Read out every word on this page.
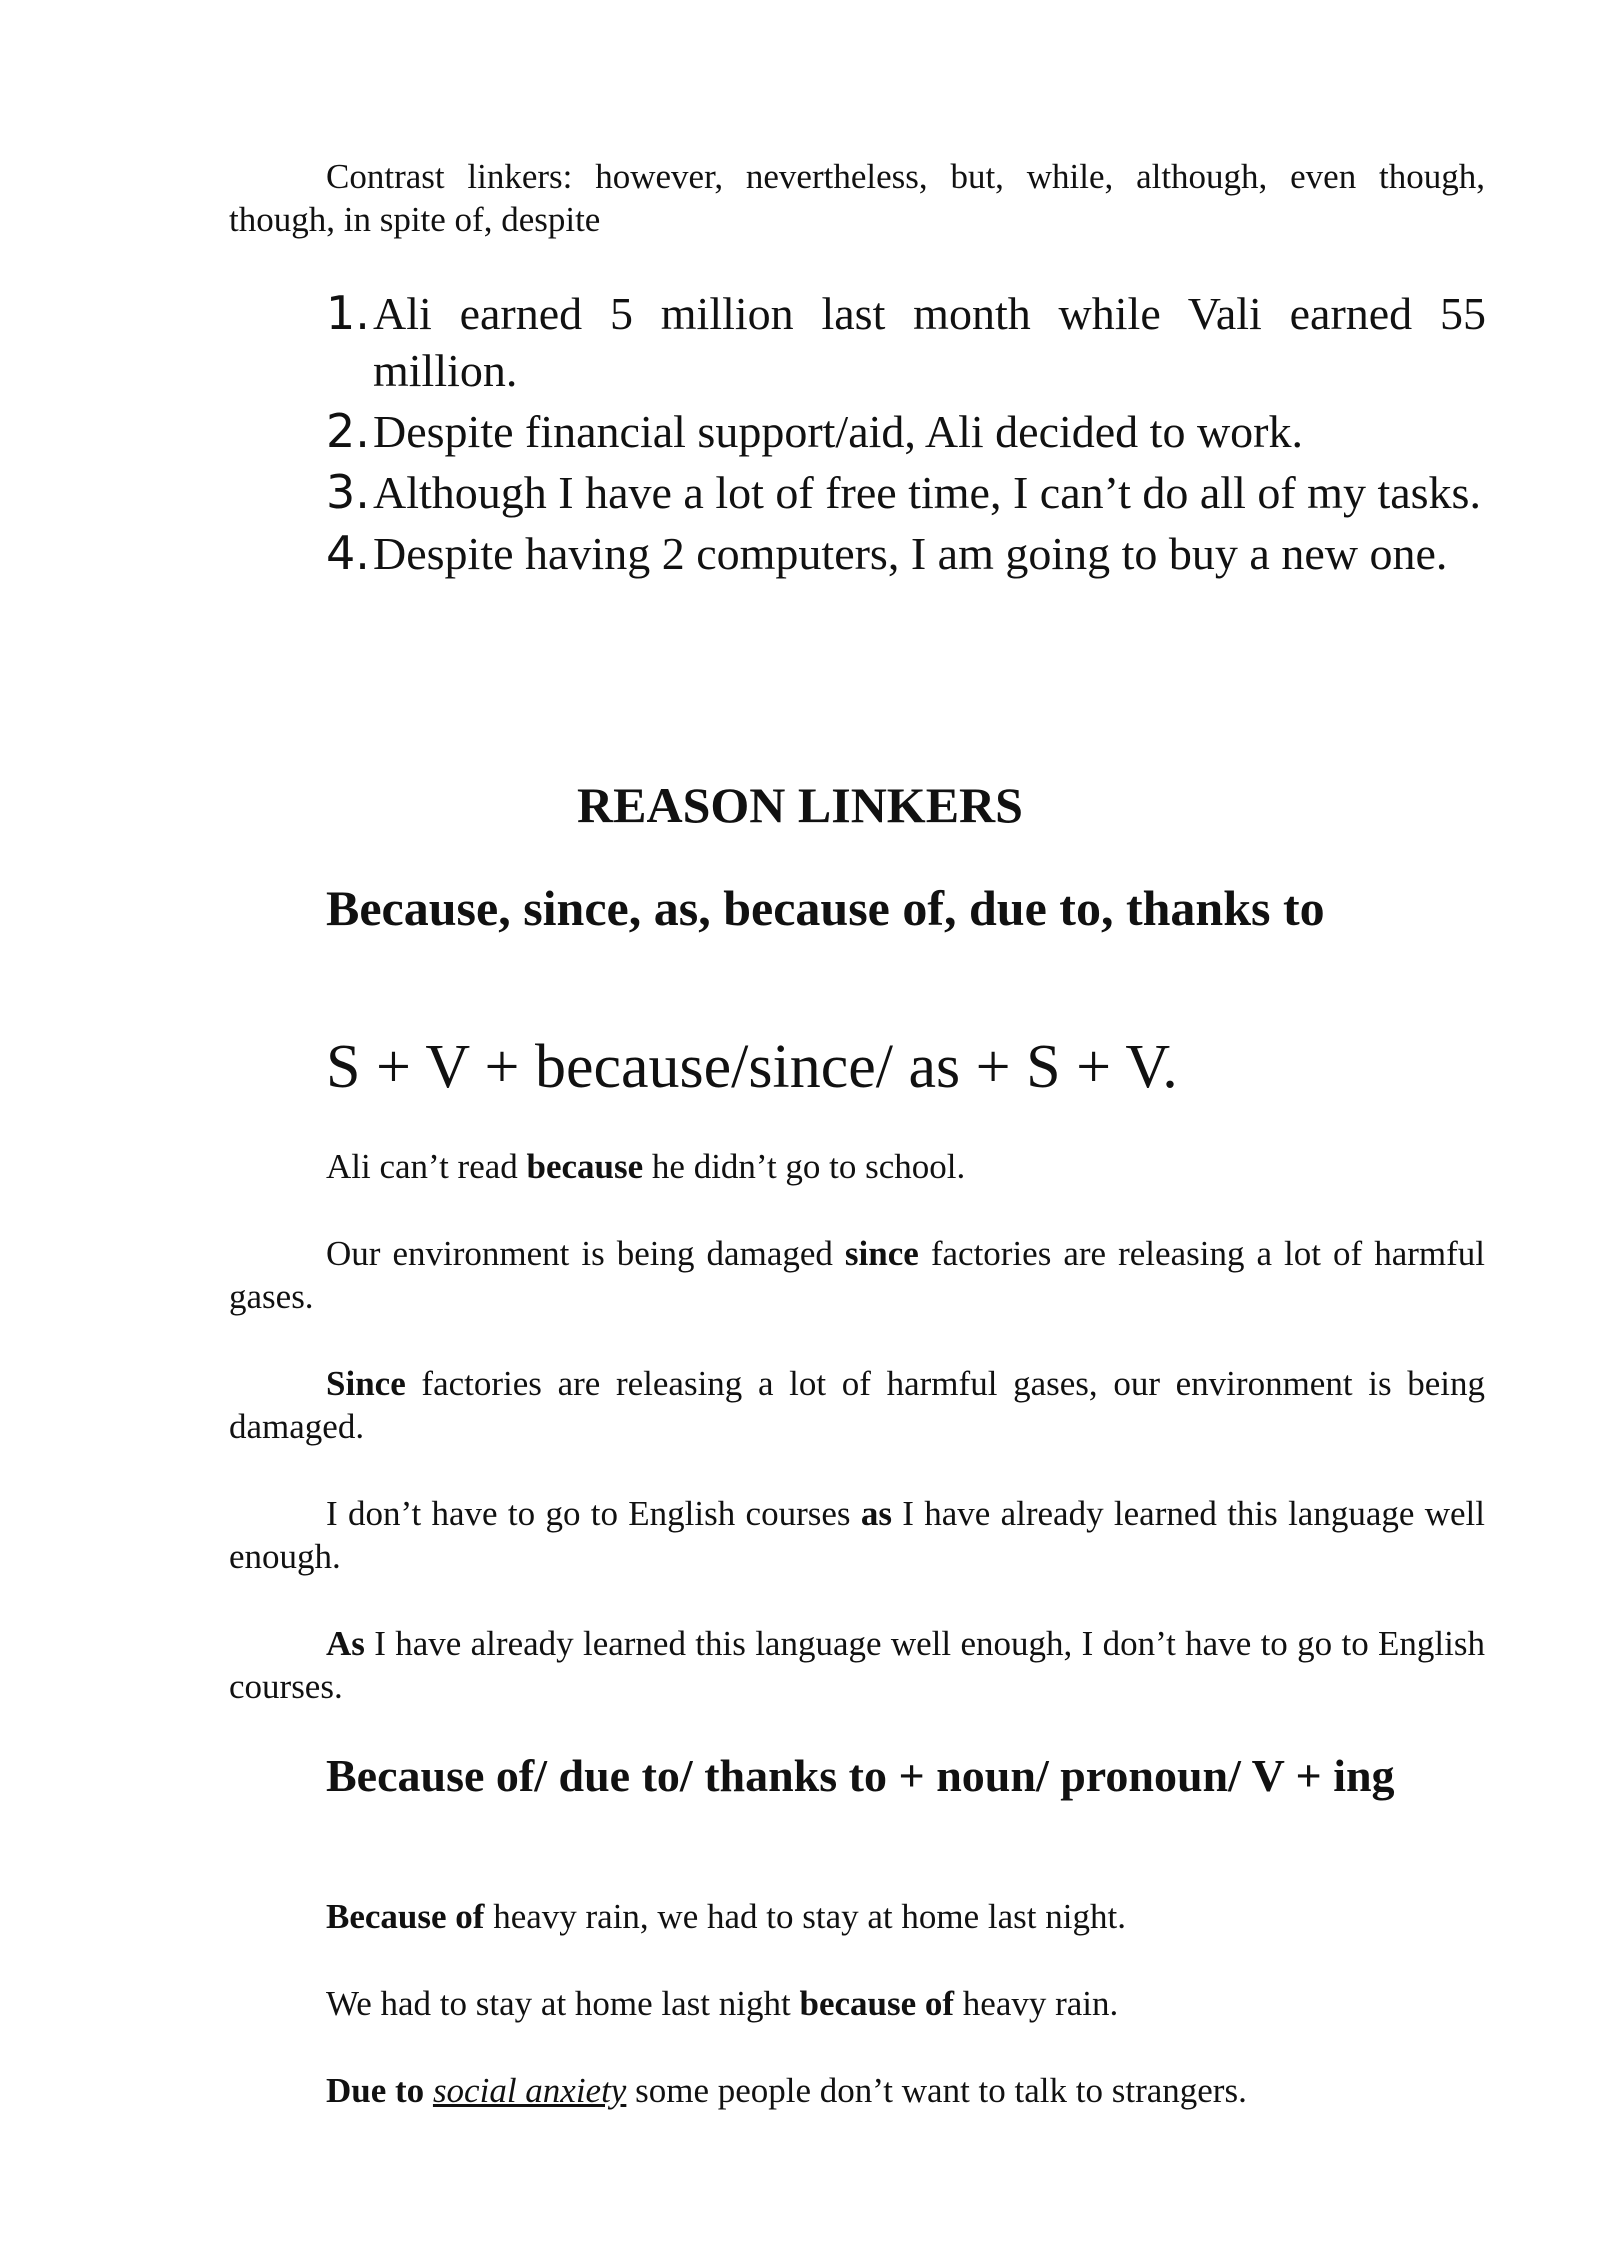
Contrast linkers: however, nevertheless, but, while, although, even though, though, in spite of, despite

1. Ali earned 5 million last month while Vali earned 55 million.
2. Despite financial support/aid, Ali decided to work.
3. Although I have a lot of free time, I can’t do all of my tasks.
4. Despite having 2 computers, I am going to buy a new one.
REASON LINKERS
Because, since, as, because of, due to, thanks to

S + V + because/since/ as + S + V.

Ali can’t read because he didn’t go to school.

Our environment is being damaged since factories are releasing a lot of harmful gases.

Since factories are releasing a lot of harmful gases, our environment is being damaged.

I don’t have to go to English courses as I have already learned this language well enough.

As I have already learned this language well enough, I don’t have to go to English courses.

Because of/ due to/ thanks to + noun/ pronoun/ V + ing

Because of heavy rain, we had to stay at home last night.

We had to stay at home last night because of heavy rain.

Due to social anxiety some people don’t want to talk to strangers.
